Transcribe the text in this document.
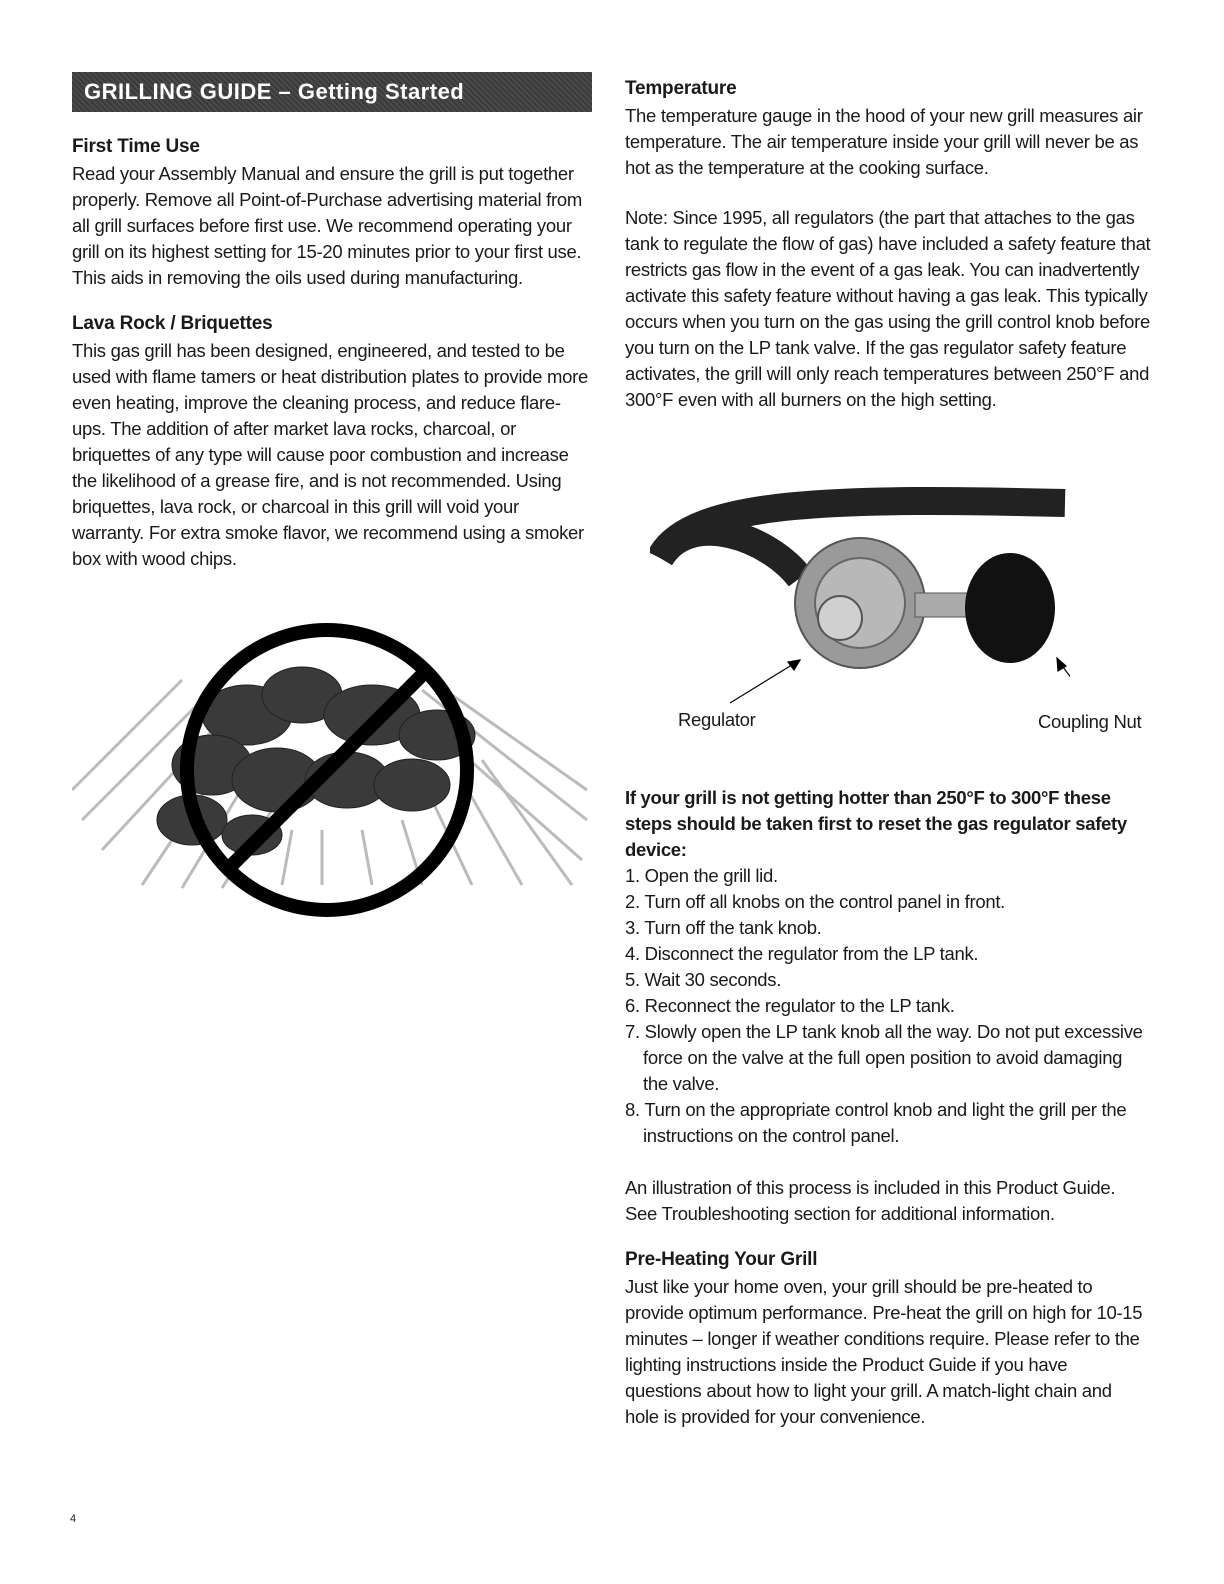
GRILLING GUIDE – Getting Started
First Time Use

Read your Assembly Manual and ensure the grill is put together properly. Remove all Point-of-Purchase advertising material from all grill surfaces before first use. We recommend operating your grill on its highest setting for 15-20 minutes prior to your first use. This aids in removing the oils used during manufacturing.

Lava Rock / Briquettes

This gas grill has been designed, engineered, and tested to be used with flame tamers or heat distribution plates to provide more even heating, improve the cleaning process, and reduce flare-ups. The addition of after market lava rocks, charcoal, or briquettes of any type will cause poor combustion and increase the likelihood of a grease fire, and is not recommended. Using briquettes, lava rock, or charcoal in this grill will void your warranty. For extra smoke flavor, we recommend using a smoker box with wood chips.

Temperature

The temperature gauge in the hood of your new grill measures air temperature. The air temperature inside your grill will never be as hot as the temperature at the cooking surface.

Note: Since 1995, all regulators (the part that attaches to the gas tank to regulate the flow of gas) have included a safety feature that restricts gas flow in the event of a gas leak. You can inadvertently activate this safety feature without having a gas leak. This typically occurs when you turn on the gas using the grill control knob before you turn on the LP tank valve. If the gas regulator safety feature activates, the grill will only reach temperatures between 250°F and 300°F even with all burners on the high setting.

Regulator	Coupling Nut

If your grill is not getting hotter than 250°F to 300°F these steps should be taken first to reset the gas regulator safety device:

1. Open the grill lid.
2. Turn off all knobs on the control panel in front.
3. Turn off the tank knob.
4. Disconnect the regulator from the LP tank.
5. Wait 30 seconds.
6. Reconnect the regulator to the LP tank.
7. Slowly open the LP tank knob all the way. Do not put excessive force on the valve at the full open position to avoid damaging the valve.
8. Turn on the appropriate control knob and light the grill per the instructions on the control panel.

An illustration of this process is included in this Product Guide. See Troubleshooting section for additional information.

Pre-Heating Your Grill

Just like your home oven, your grill should be pre-heated to provide optimum performance. Pre-heat the grill on high for 10-15 minutes – longer if weather conditions require. Please refer to the lighting instructions inside the Product Guide if you have questions about how to light your grill. A match-light chain and hole is provided for your convenience.

4
